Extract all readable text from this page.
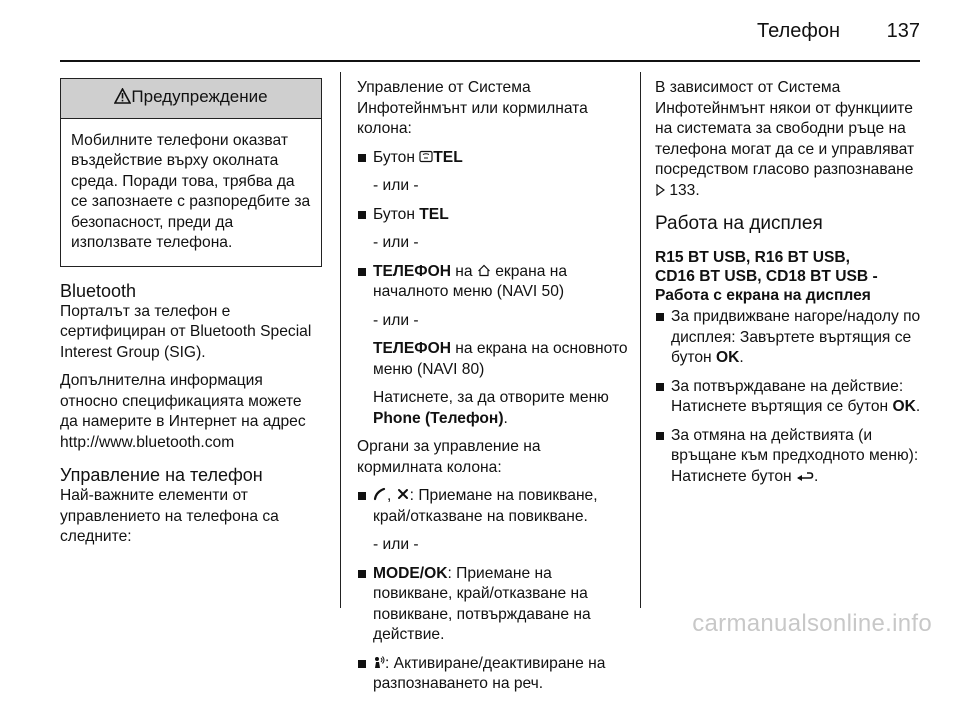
Телефон 137
Предупреждение
Мобилните телефони оказват въздействие върху околната среда. Поради това, трябва да се запознаете с разпоредбите за безопасност, преди да използвате телефона.
Bluetooth

Порталът за телефон е сертифициран от Bluetooth Special Interest Group (SIG).

Допълнителна информация относно спецификацията можете да намерите в Интернет на адрес http://www.bluetooth.com

Управление на телефон

Най-важните елементи от управлението на телефона са следните:

Управление от Система Инфотейнмънт или кормилната колона:

Бутон TEL
- или -
Бутон TEL
- или -
ТЕЛЕФОН на  екрана на началното меню (NAVI 50)
- или -
ТЕЛЕФОН на екрана на основното меню (NAVI 80)
Натиснете, за да отворите меню Phone (Телефон).

Органи за управление на кормилната колона:

, : Приемане на повикване, край/отказване на повикване.
- или -
MODE/OK: Приемане на повикване, край/отказване на повикване, потвърждаване на действие.
: Активиране/деактивиране на разпознаването на реч.

В зависимост от Система Инфотейнмънт някои от функциите на системата за свободни ръце на телефона могат да се и управляват посредством гласово разпознаване 133.

Работа на дисплея
R15 BT USB, R16 BT USB,
CD16 BT USB, CD18 BT USB -
Работа с екрана на дисплея
За придвижване нагоре/надолу по дисплея: Завъртете въртящия се бутон OK.
За потвърждаване на действие: Натиснете въртящия се бутон OK.
За отмяна на действията (и връщане към предходното меню): Натиснете бутон .
carmanualsonline.info
